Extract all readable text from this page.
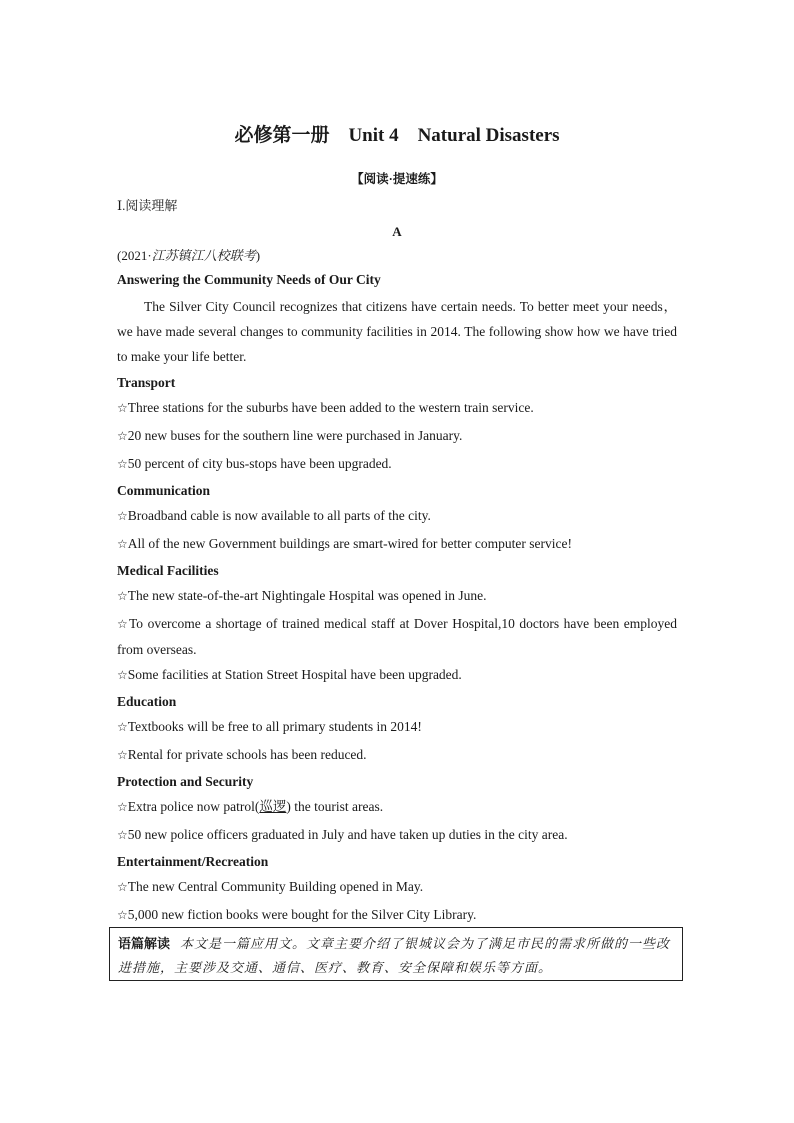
必修第一册　Unit 4　Natural Disasters
【阅读·提速练】
Ⅰ.阅读理解
A
(2021·江苏镇江八校联考)
Answering the Community Needs of Our City

The Silver City Council recognizes that citizens have certain needs. To better meet your needs，we have made several changes to community facilities in 2014. The following show how we have tried to make your life better.

Transport

☆Three stations for the suburbs have been added to the western train service.

☆20 new buses for the southern line were purchased in January.

☆50 percent of city bus-stops have been upgraded.

Communication

☆Broadband cable is now available to all parts of the city.

☆All of the new Government buildings are smart-wired for better computer service!

Medical Facilities

☆The new state-of-the-art Nightingale Hospital was opened in June.

☆To overcome a shortage of trained medical staff at Dover Hospital,10 doctors have been employed from overseas.

☆Some facilities at Station Street Hospital have been upgraded.

Education

☆Textbooks will be free to all primary students in 2014!

☆Rental for private schools has been reduced.

Protection and Security

☆Extra police now patrol(巡逻) the tourist areas.

☆50 new police officers graduated in July and have taken up duties in the city area.

Entertainment/Recreation

☆The new Central Community Building opened in May.

☆5,000 new fiction books were bought for the Silver City Library.

语篇解读 本文是一篇应用文。文章主要介绍了银城议会为了满足市民的需求所做的一些改进措施，主要涉及交通、通信、医疗、教育、安全保障和娱乐等方面。
